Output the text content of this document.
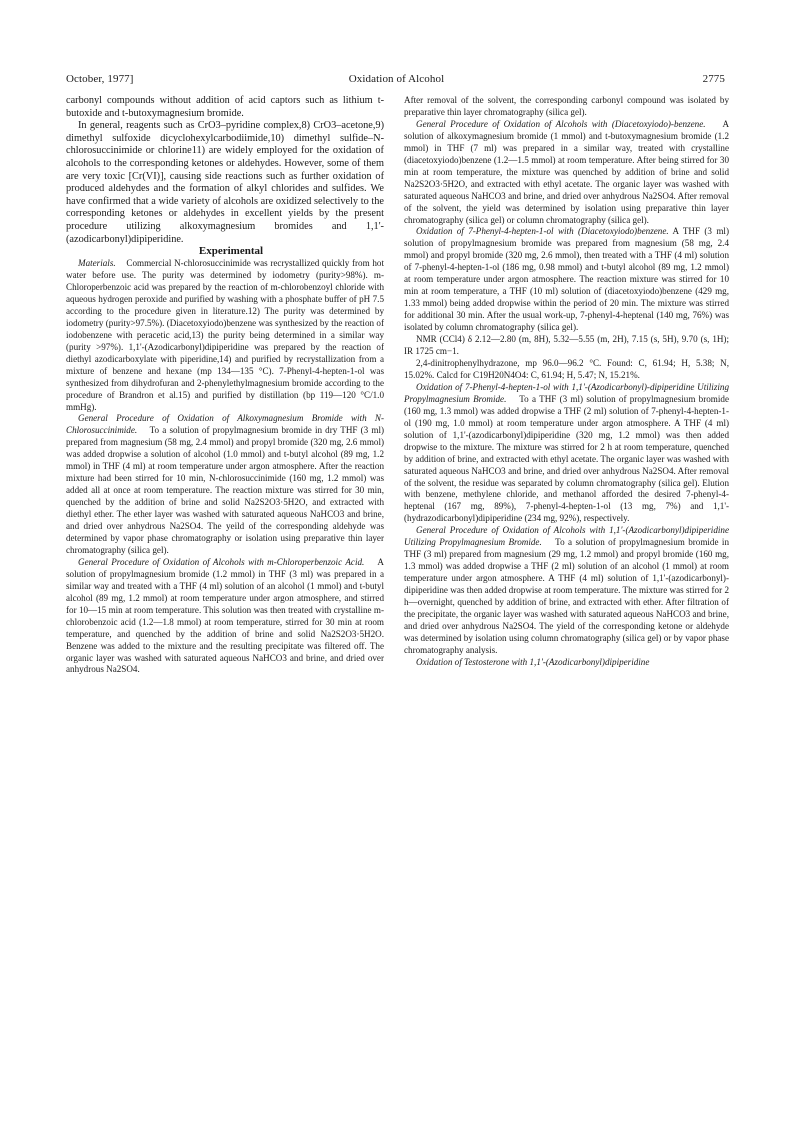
October, 1977]	Oxidation of Alcohol	2775

carbonyl compounds without addition of acid captors such as lithium t-butoxide and t-butoxymagnesium bromide.

In general, reagents such as CrO3–pyridine complex,8) CrO3–acetone,9) dimethyl sulfoxide dicyclohexylcarbodiimide,10) dimethyl sulfide–N-chlorosuccinimide or chlorine11) are widely employed for the oxidation of alcohols to the corresponding ketones or aldehydes. However, some of them are very toxic [Cr(VI)], causing side reactions such as further oxidation of produced aldehydes and the formation of alkyl chlorides and sulfides. We have confirmed that a wide variety of alcohols are oxidized selectively to the corresponding ketones or aldehydes in excellent yields by the present procedure utilizing alkoxymagnesium bromides and 1,1'-(azodicarbonyl)dipiperidine.

Experimental

Materials. Commercial N-chlorosuccinimide was recrystallized quickly from hot water before use. The purity was determined by iodometry (purity>98%). m-Chloroperbenzoic acid was prepared by the reaction of m-chlorobenzoyl chloride with aqueous hydrogen peroxide and purified by washing with a phosphate buffer of pH 7.5 according to the procedure given in literature.12) The purity was determined by iodometry (purity>97.5%). (Diacetoxyiodo)benzene was synthesized by the reaction of iodobenzene with peracetic acid,13) the purity being determined in a similar way (purity >97%). 1,1'-(Azodicarbonyl)dipiperidine was prepared by the reaction of diethyl azodicarboxylate with piperidine,14) and purified by recrystallization from a mixture of benzene and hexane (mp 134—135 °C). 7-Phenyl-4-hepten-1-ol was synthesized from dihydrofuran and 2-phenylethylmagnesium bromide according to the procedure of Brandron et al.15) and purified by distillation (bp 119—120 °C/1.0 mmHg).

General Procedure of Oxidation of Alkoxymagnesium Bromide with N-Chlorosuccinimide. To a solution of propylmagnesium bromide in dry THF (3 ml) prepared from magnesium (58 mg, 2.4 mmol) and propyl bromide (320 mg, 2.6 mmol) was added dropwise a solution of alcohol (1.0 mmol) and t-butyl alcohol (89 mg, 1.2 mmol) in THF (4 ml) at room temperature under argon atmosphere. After the reaction mixture had been stirred for 10 min, N-chlorosuccinimide (160 mg, 1.2 mmol) was added all at once at room temperature. The reaction mixture was stirred for 30 min, quenched by the addition of brine and solid Na2S2O3·5H2O, and extracted with diethyl ether. The ether layer was washed with saturated aqueous NaHCO3 and brine, and dried over anhydrous Na2SO4. The yeild of the corresponding aldehyde was determined by vapor phase chromatography or isolation using preparative thin layer chromatography (silica gel).

General Procedure of Oxidation of Alcohols with m-Chloroperbenzoic Acid. A solution of propylmagnesium bromide (1.2 mmol) in THF (3 ml) was prepared in a similar way and treated with a THF (4 ml) solution of an alcohol (1 mmol) and t-butyl alcohol (89 mg, 1.2 mmol) at room temperature under argon atmosphere, and stirred for 10—15 min at room temperature. This solution was then treated with crystalline m-chlorobenzoic acid (1.2—1.8 mmol) at room temperature, stirred for 30 min at room temperature, and quenched by the addition of brine and solid Na2S2O3·5H2O. Benzene was added to the mixture and the resulting precipitate was filtered off. The organic layer was washed with saturated aqueous NaHCO3 and brine, and dried over anhydrous Na2SO4.

After removal of the solvent, the corresponding carbonyl compound was isolated by preparative thin layer chromatography (silica gel).

General Procedure of Oxidation of Alcohols with (Diacetoxyiodo)-benzene. A solution of alkoxymagnesium bromide (1 mmol) and t-butoxymagnesium bromide (1.2 mmol) in THF (7 ml) was prepared in a similar way, treated with crystalline (diacetoxyiodo)benzene (1.2—1.5 mmol) at room temperature. After being stirred for 30 min at room temperature, the mixture was quenched by addition of brine and solid Na2S2O3·5H2O, and extracted with ethyl acetate. The organic layer was washed with saturated aqueous NaHCO3 and brine, and dried over anhydrous Na2SO4. After removal of the solvent, the yield was determined by isolation using preparative thin layer chromatography (silica gel) or column chromatography (silica gel).

Oxidation of 7-Phenyl-4-hepten-1-ol with (Diacetoxyiodo)benzene. A THF (3 ml) solution of propylmagnesium bromide was prepared from magnesium (58 mg, 2.4 mmol) and propyl bromide (320 mg, 2.6 mmol), then treated with a THF (4 ml) solution of 7-phenyl-4-hepten-1-ol (186 mg, 0.98 mmol) and t-butyl alcohol (89 mg, 1.2 mmol) at room temperature under argon atmosphere. The reaction mixture was stirred for 10 min at room temperature, a THF (10 ml) solution of (diacetoxyiodo)benzene (429 mg, 1.33 mmol) being added dropwise within the period of 20 min. The mixture was stirred for additional 30 min. After the usual work-up, 7-phenyl-4-heptenal (140 mg, 76%) was isolated by column chromatography (silica gel).

NMR (CCl4) δ 2.12—2.80 (m, 8H), 5.32—5.55 (m, 2H), 7.15 (s, 5H), 9.70 (s, 1H); IR 1725 cm−1.

2,4-dinitrophenylhydrazone, mp 96.0—96.2 °C. Found: C, 61.94; H, 5.38; N, 15.02%. Calcd for C19H20N4O4: C, 61.94; H, 5.47; N, 15.21%.

Oxidation of 7-Phenyl-4-hepten-1-ol with 1,1'-(Azodicarbonyl)-dipiperidine Utilizing Propylmagnesium Bromide. To a THF (3 ml) solution of propylmagnesium bromide (160 mg, 1.3 mmol) was added dropwise a THF (2 ml) solution of 7-phenyl-4-hepten-1-ol (190 mg, 1.0 mmol) at room temperature under argon atmosphere. A THF (4 ml) solution of 1,1'-(azodicarbonyl)dipiperidine (320 mg, 1.2 mmol) was then added dropwise to the mixture. The mixture was stirred for 2 h at room temperature, quenched by addition of brine, and extracted with ethyl acetate. The organic layer was washed with saturated aqueous NaHCO3 and brine, and dried over anhydrous Na2SO4. After removal of the solvent, the residue was separated by column chromatography (silica gel). Elution with benzene, methylene chloride, and methanol afforded the desired 7-phenyl-4-heptenal (167 mg, 89%), 7-phenyl-4-hepten-1-ol (13 mg, 7%) and 1,1'-(hydrazodicarbonyl)dipiperidine (234 mg, 92%), respectively.

General Procedure of Oxidation of Alcohols with 1,1'-(Azodicarbonyl)dipiperidine Utilizing Propylmagnesium Bromide. To a solution of propylmagnesium bromide in THF (3 ml) prepared from magnesium (29 mg, 1.2 mmol) and propyl bromide (160 mg, 1.3 mmol) was added dropwise a THF (2 ml) solution of an alcohol (1 mmol) at room temperature under argon atmosphere. A THF (4 ml) solution of 1,1'-(azodicarbonyl)-dipiperidine was then added dropwise at room temperature. The mixture was stirred for 2 h—overnight, quenched by addition of brine, and extracted with ether. After filtration of the precipitate, the organic layer was washed with saturated aqueous NaHCO3 and brine, and dried over anhydrous Na2SO4. The yield of the corresponding ketone or aldehyde was determined by isolation using column chromatography (silica gel) or by vapor phase chromatography analysis.

Oxidation of Testosterone with 1,1'-(Azodicarbonyl)dipiperidine
